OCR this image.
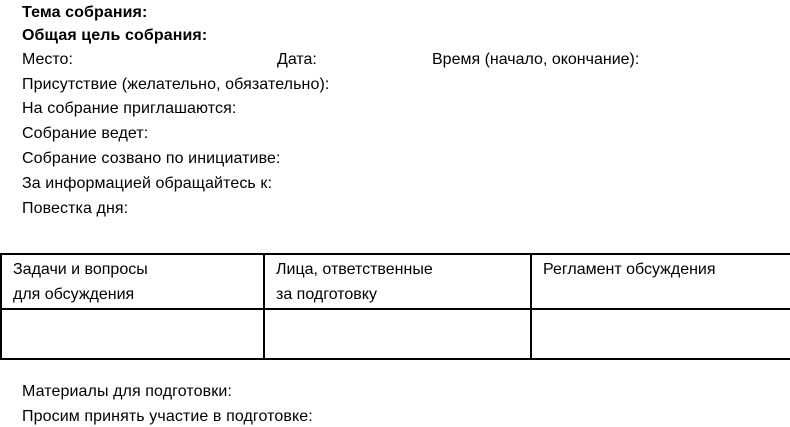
Тема собрания:
Общая цель собрания:
Место:	Дата:	Время (начало, окончание):
Присутствие (желательно, обязательно):
На собрание приглашаются:
Собрание ведет:
Собрание созвано по инициативе:
За информацией обращайтесь к:
Повестка дня:
Задачи и вопросы
для обсуждения
Лица, ответственные
за подготовку
Регламент обсуждения
Материалы для подготовки:
Просим принять участие в подготовке:
